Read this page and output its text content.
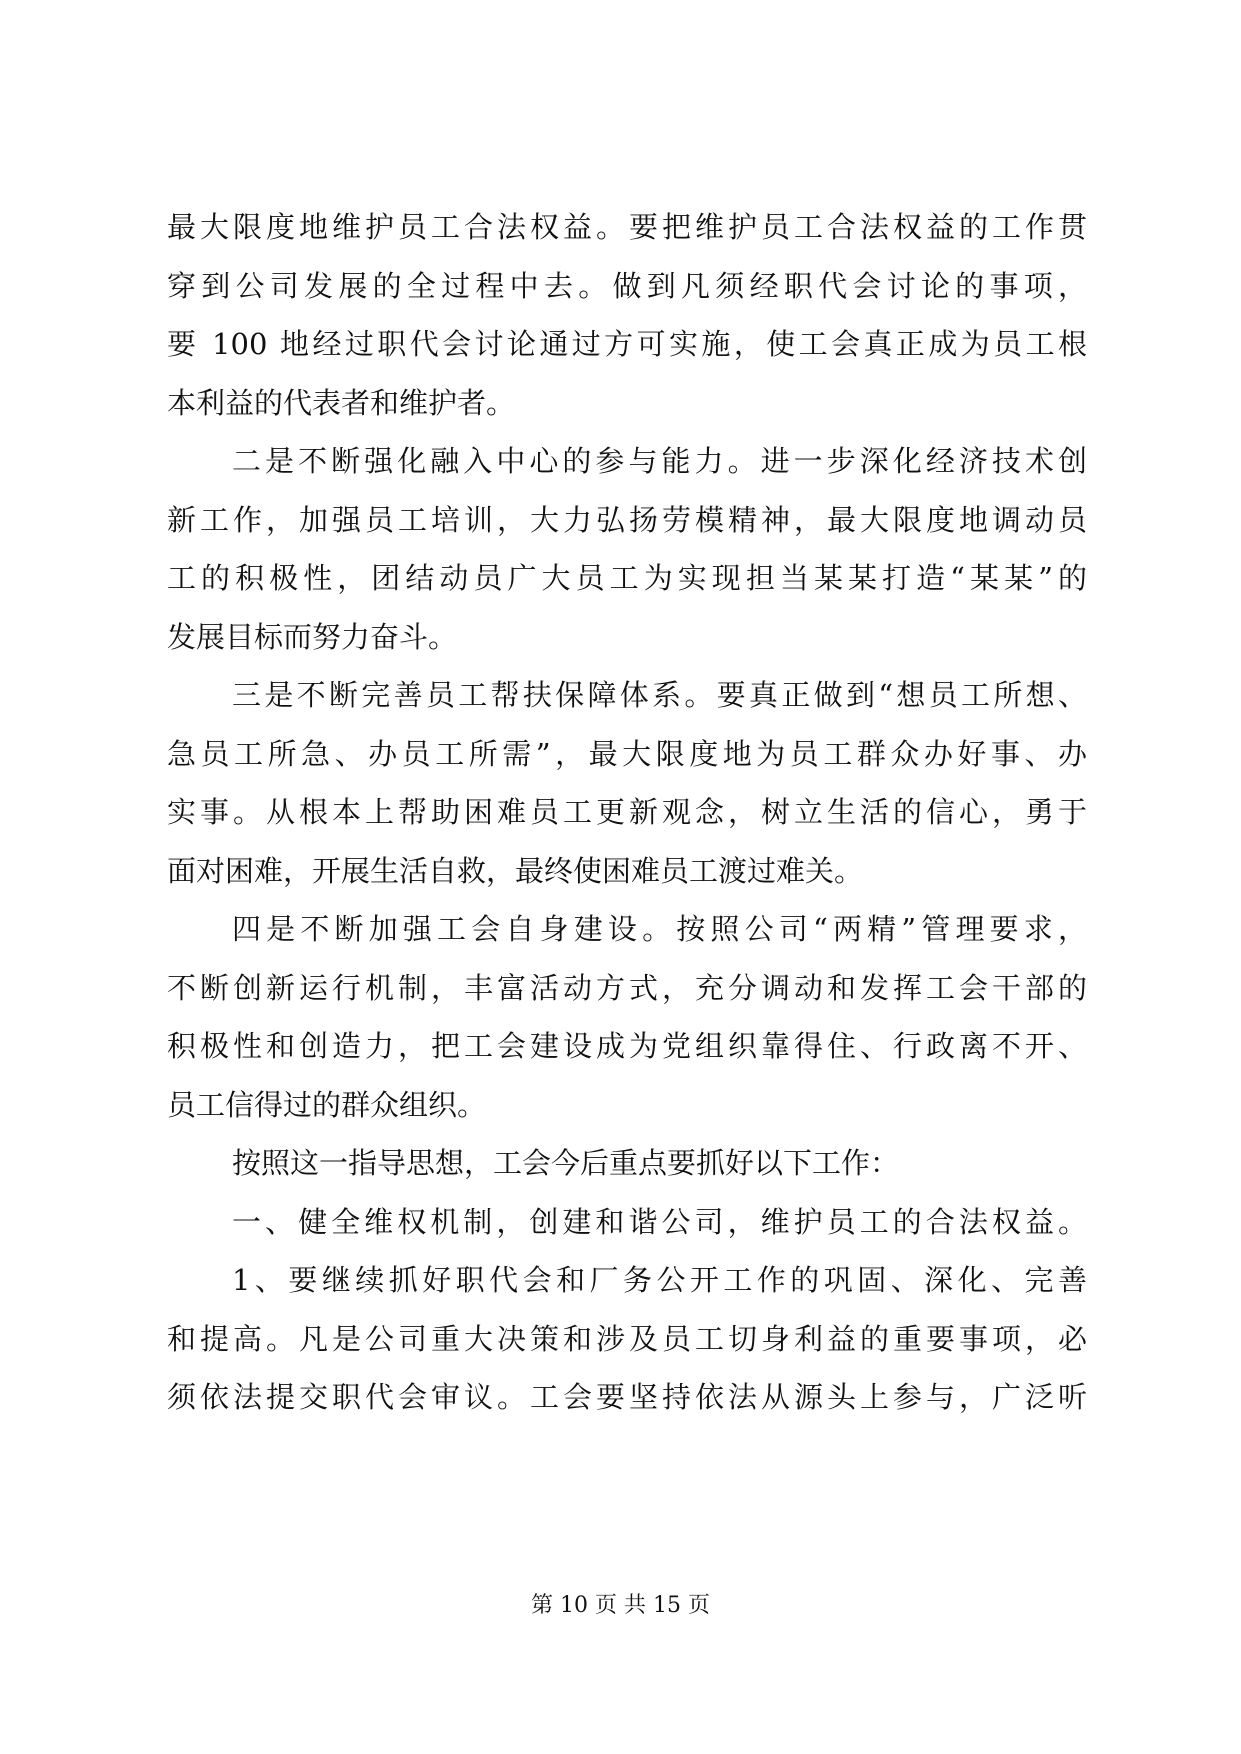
最大限度地维护员工合法权益。要把维护员工合法权益的工作贯
穿到公司发展的全过程中去。做到凡须经职代会讨论的事项，
要 100 地经过职代会讨论通过方可实施，使工会真正成为员工根
本利益的代表者和维护者。
二是不断强化融入中心的参与能力。进一步深化经济技术创
新工作，加强员工培训，大力弘扬劳模精神，最大限度地调动员
工的积极性，团结动员广大员工为实现担当某某打造“某某”的
发展目标而努力奋斗。
三是不断完善员工帮扶保障体系。要真正做到“想员工所想、
急员工所急、办员工所需”，最大限度地为员工群众办好事、办
实事。从根本上帮助困难员工更新观念，树立生活的信心，勇于
面对困难，开展生活自救，最终使困难员工渡过难关。
四是不断加强工会自身建设。按照公司“两精”管理要求，
不断创新运行机制，丰富活动方式，充分调动和发挥工会干部的
积极性和创造力，把工会建设成为党组织靠得住、行政离不开、
员工信得过的群众组织。
按照这一指导思想，工会今后重点要抓好以下工作：
一、健全维权机制，创建和谐公司，维护员工的合法权益。
1、要继续抓好职代会和厂务公开工作的巩固、深化、完善
和提高。凡是公司重大决策和涉及员工切身利益的重要事项，必
须依法提交职代会审议。工会要坚持依法从源头上参与，广泛听
第 10 页 共 15 页
